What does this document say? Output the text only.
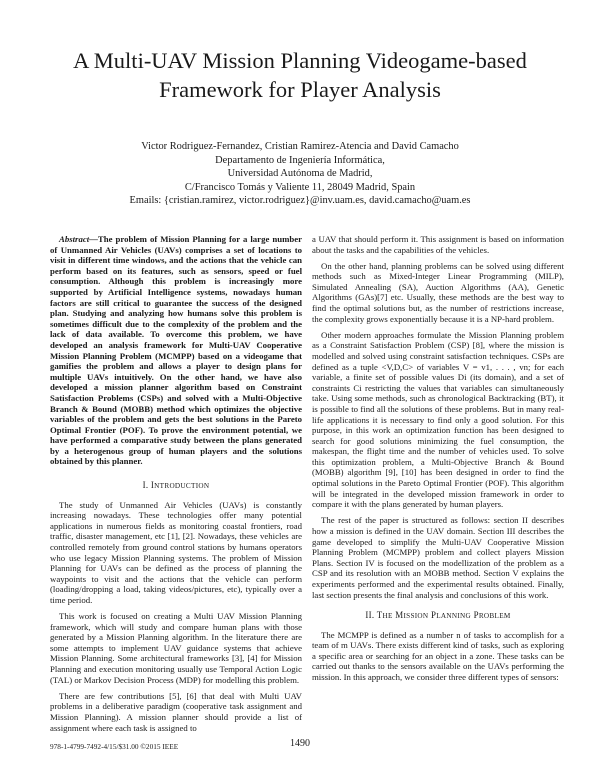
A Multi-UAV Mission Planning Videogame-based Framework for Player Analysis
Victor Rodriguez-Fernandez, Cristian Ramirez-Atencia and David Camacho
Departamento de Ingeniería Informática,
Universidad Autónoma de Madrid,
C/Francisco Tomás y Valiente 11, 28049 Madrid, Spain
Emails: {cristian.ramirez, victor.rodriguez}@inv.uam.es, david.camacho@uam.es

Abstract—The problem of Mission Planning for a large number of Unmanned Air Vehicles (UAVs) comprises a set of locations to visit in different time windows, and the actions that the vehicle can perform based on its features, such as sensors, speed or fuel consumption. Although this problem is increasingly more supported by Artificial Intelligence systems, nowadays human factors are still critical to guarantee the success of the designed plan. Studying and analyzing how humans solve this problem is sometimes difficult due to the complexity of the problem and the lack of data available. To overcome this problem, we have developed an analysis framework for Multi-UAV Cooperative Mission Planning Problem (MCMPP) based on a videogame that gamifies the problem and allows a player to design plans for multiple UAVs intuitively. On the other hand, we have also developed a mission planner algorithm based on Constraint Satisfaction Problems (CSPs) and solved with a Multi-Objective Branch & Bound (MOBB) method which optimizes the objective variables of the problem and gets the best solutions in the Pareto Optimal Frontier (POF). To prove the environment potential, we have performed a comparative study between the plans generated by a heterogenous group of human players and the solutions obtained by this planner.

I. INTRODUCTION

The study of Unmanned Air Vehicles (UAVs) is constantly increasing nowadays. These technologies offer many potential applications in numerous fields as monitoring coastal frontiers, road traffic, disaster management, etc [1], [2]. Nowadays, these vehicles are controlled remotely from ground control stations by humans operators who use legacy Mission Planning systems. The problem of Mission Planning for UAVs can be defined as the process of planning the waypoints to visit and the actions that the vehicle can perform (loading/dropping a load, taking videos/pictures, etc), typically over a time period.

This work is focused on creating a Multi UAV Mission Planning framework, which will study and compare human plans with those generated by a Mission Planning algorithm. In the literature there are some attempts to implement UAV guidance systems that achieve Mission Planning. Some architectural frameworks [3], [4] for Mission Planning and execution monitoring usually use Temporal Action Logic (TAL) or Markov Decision Process (MDP) for modelling this problem.

There are few contributions [5], [6] that deal with Multi UAV problems in a deliberative paradigm (cooperative task assignment and Mission Planning). A mission planner should provide a list of assignment where each task is assigned to

a UAV that should perform it. This assignment is based on information about the tasks and the capabilities of the vehicles.

On the other hand, planning problems can be solved using different methods such as Mixed-Integer Linear Programming (MILP), Simulated Annealing (SA), Auction Algorithms (AA), Genetic Algorithms (GAs)[7] etc. Usually, these methods are the best way to find the optimal solutions but, as the number of restrictions increase, the complexity grows exponentially because it is a NP-hard problem.

Other modern approaches formulate the Mission Planning problem as a Constraint Satisfaction Problem (CSP) [8], where the mission is modelled and solved using constraint satisfaction techniques. CSPs are defined as a tuple <V,D,C> of variables V = v1, . . . , vn; for each variable, a finite set of possible values Di (its domain), and a set of constraints Ci restricting the values that variables can simultaneously take. Using some methods, such as chronological Backtracking (BT), it is possible to find all the solutions of these problems. But in many real-life applications it is necessary to find only a good solution. For this purpose, in this work an optimization function has been designed to search for good solutions minimizing the fuel consumption, the makespan, the flight time and the number of vehicles used. To solve this optimization problem, a Multi-Objective Branch & Bound (MOBB) algorithm [9], [10] has been designed in order to find the optimal solutions in the Pareto Optimal Frontier (POF). This algorithm will be integrated in the developed mission framework in order to compare it with the plans generated by human players.

The rest of the paper is structured as follows: section II describes how a mission is defined in the UAV domain. Section III describes the game developed to simplify the Multi-UAV Cooperative Mission Planning Problem (MCMPP) problem and collect players Mission Plans. Section IV is focused on the modellization of the problem as a CSP and its resolution with an MOBB method. Section V explains the experiments performed and the experimental results obtained. Finally, last section presents the final analysis and conclusions of this work.

II. THE MISSION PLANNING PROBLEM

The MCMPP is defined as a number n of tasks to accomplish for a team of m UAVs. There exists different kind of tasks, such as exploring a specific area or searching for an object in a zone. These tasks can be carried out thanks to the sensors available on the UAVs performing the mission. In this approach, we consider three different types of sensors:

978-1-4799-7492-4/15/$31.00 ©2015 IEEE	1490
